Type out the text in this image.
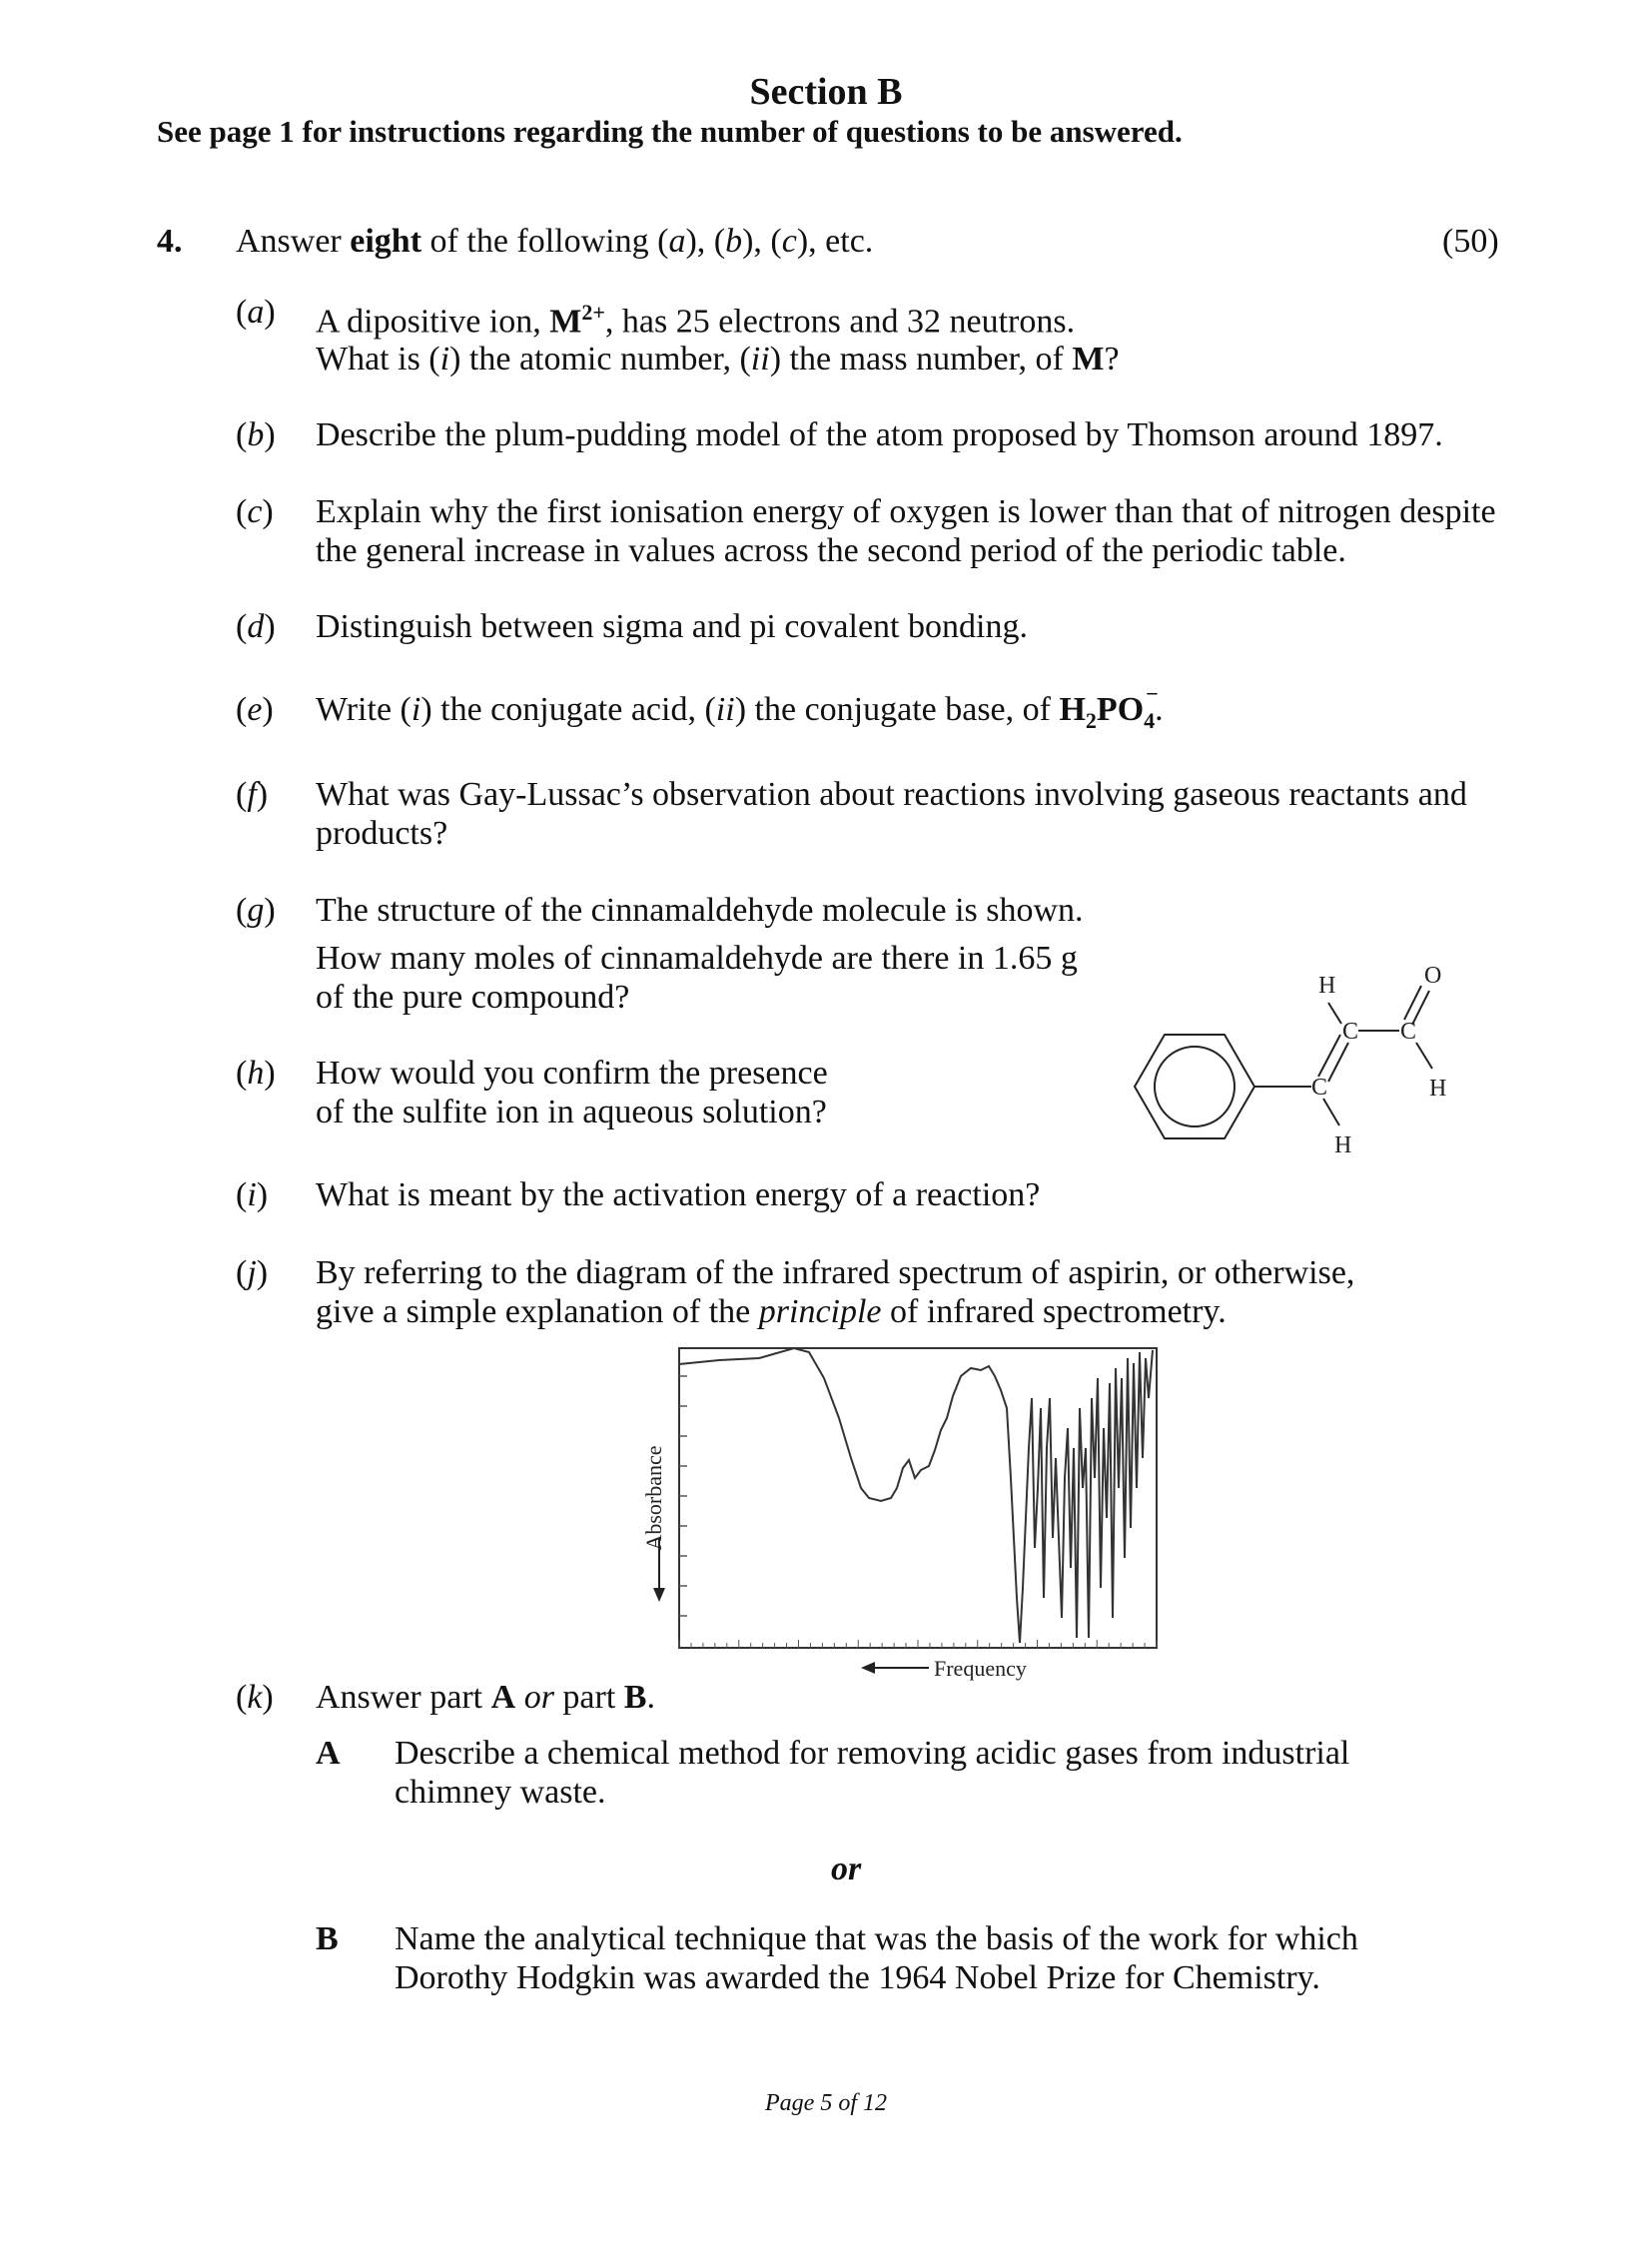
Section B
See page 1 for instructions regarding the number of questions to be answered.
4. Answer eight of the following (a), (b), (c), etc.	(50)
(a) A dipositive ion, $M^{2+}$, has 25 electrons and 32 neutrons.
What is (i) the atomic number, (ii) the mass number, of M?
(b) Describe the plum-pudding model of the atom proposed by Thomson around 1897.
(c) Explain why the first ionisation energy of oxygen is lower than that of nitrogen despite
the general increase in values across the second period of the periodic table.
(d) Distinguish between sigma and pi covalent bonding.
(e) Write (i) the conjugate acid, (ii) the conjugate base, of $H_2PO_4$
−
.
(f) What was Gay-Lussac’s observation about reactions involving gaseous reactants and
products?
(g) The structure of the cinnamaldehyde molecule is shown.
How many moles of cinnamaldehyde are there in 1.65 g
of the pure compound?
(h) How would you confirm the presence
of the sulfite ion in aqueous solution?
H
C C
O
H
C
H
(i) What is meant by the activation energy of a reaction?
(j) By referring to the diagram of the infrared spectrum of aspirin, or otherwise,
give a simple explanation of the principle of infrared spectrometry.
Absorbance
Frequency
(k) Answer part A or part B.
A Describe a chemical method for removing acidic gases from industrial
chimney waste.
or
B Name the analytical technique that was the basis of the work for which
Dorothy Hodgkin was awarded the 1964 Nobel Prize for Chemistry.
Page 5 of 12
